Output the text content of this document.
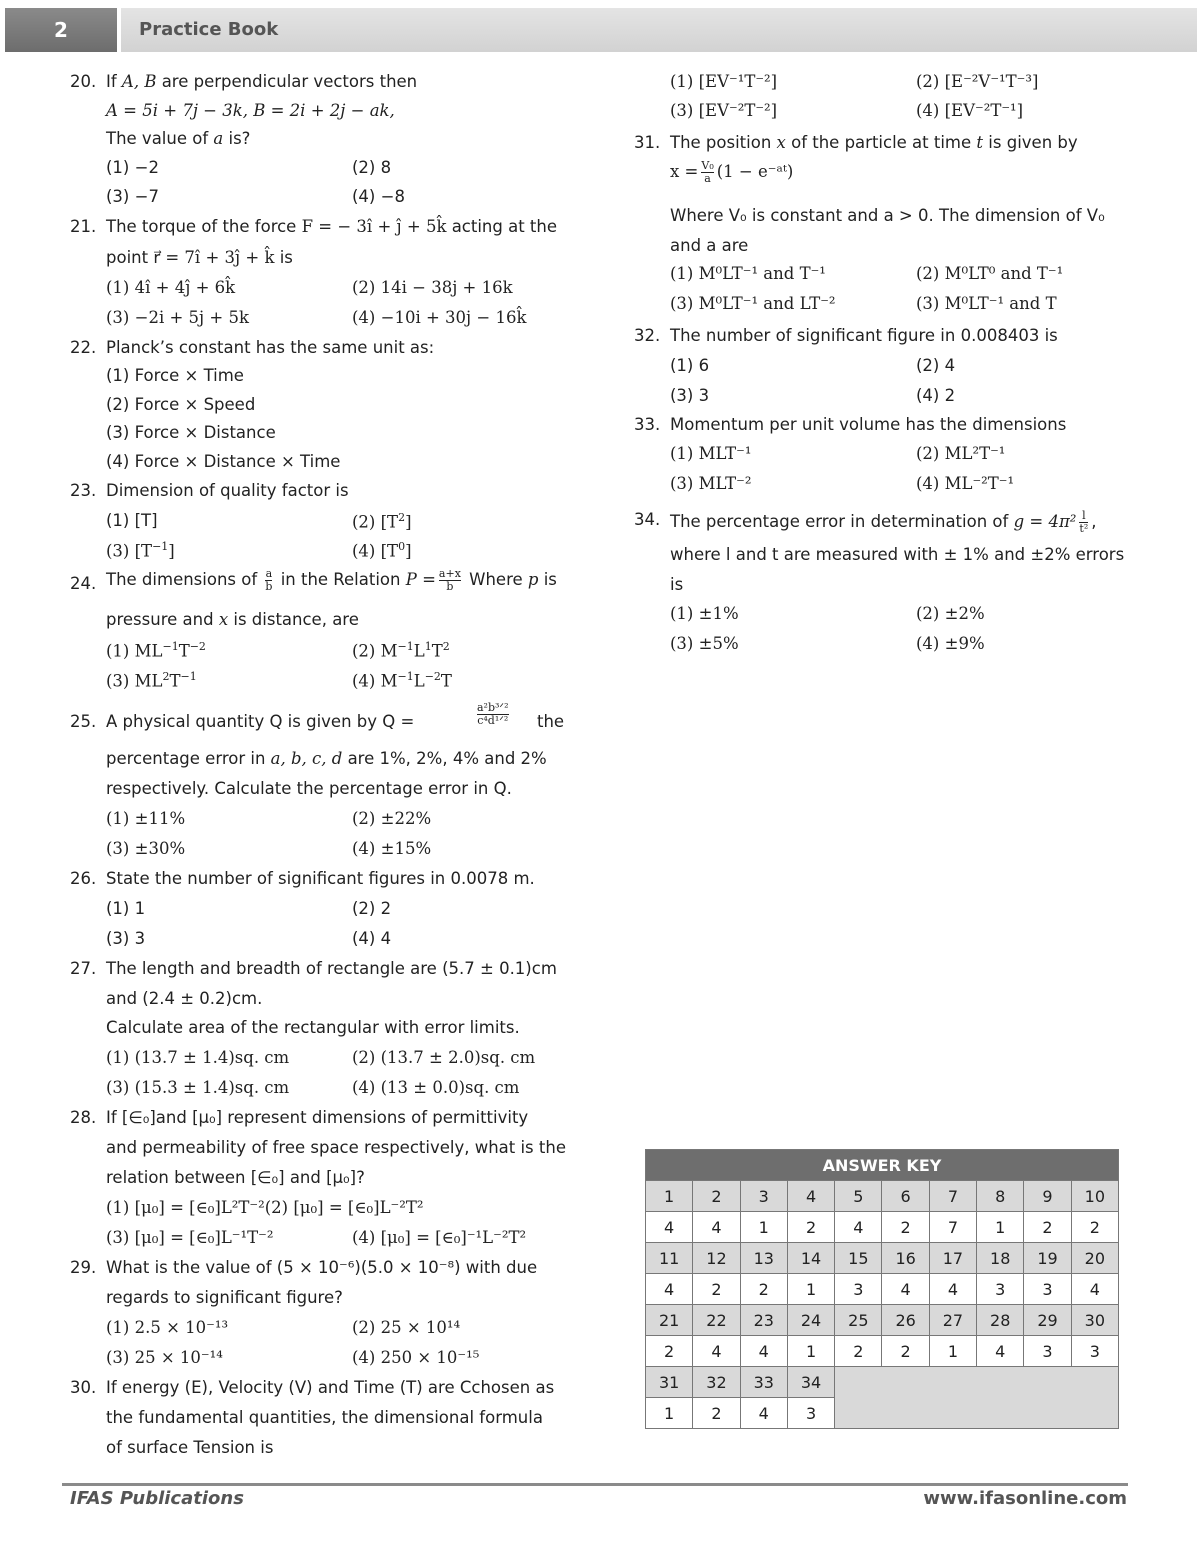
2	Practice Book
20. If A, B are perpendicular vectors then
A = 5i + 7j − 3k, B = 2i + 2j − ak,
The value of a is?
(1) −2	(2) 8
(3) −7	(4) −8
21. The torque of the force F = − 3î + ĵ + 5k̂ acting at the
point r⃗ = 7î + 3ĵ + k̂ is
(1) 4î + 4ĵ + 6k̂	(2) 14i − 38j + 16k
(3) −2i + 5j + 5k	(4) −10i + 30j − 16k̂
22. Planck’s constant has the same unit as:
(1) Force × Time
(2) Force × Speed
(3) Force × Distance
(4) Force × Distance × Time
23. Dimension of quality factor is
(1) [T]	(2) $[T^2]$
(3) $[T^{-1}]$	(4) $[T^0]$
24. The dimensions of $\frac{a}{b}$ in the Relation $P = \frac{a+x}{b}$ Where p is
pressure and x is distance, are
(1) $ML^{-1}T^{-2}$	(2) $M^{-1}L^1T^2$
(3) $ML^2T^{-1}$	(4) $M^{-1}L^{-2}T$
25. A physical quantity Q is given by Q =
a²b³ᐟ²
c⁴d¹ᐟ² the
percentage error in a, b, c, d are 1%, 2%, 4% and 2%
respectively. Calculate the percentage error in Q.
(1) ±11%	(2) ±22%
(3) ±30%	(4) ±15%
26. State the number of significant figures in 0.0078 m.
(1) 1	(2) 2
(3) 3	(4) 4
27. The length and breadth of rectangle are (5.7 ± 0.1)cm
and (2.4 ± 0.2)cm.
Calculate area of the rectangular with error limits.
(1) (13.7 ± 1.4)sq. cm	(2) (13.7 ± 2.0)sq. cm
(3) (15.3 ± 1.4)sq. cm	(4) (13 ± 0.0)sq. cm
28. If [∈₀]and [μ₀] represent dimensions of permittivity
and permeability of free space respectively, what is the
relation between [∈₀] and [μ₀]?
(1) [μ₀] = [∈₀]L²T⁻²(2) [μ₀] = [∈₀]L⁻²T²
(3) [μ₀] = [∈₀]L⁻¹T⁻²	(4) [μ₀] = [∈₀]⁻¹L⁻²T²
29. What is the value of (5 × 10⁻⁶)(5.0 × 10⁻⁸) with due
regards to significant figure?
(1) 2.5 × 10⁻¹³	(2) 25 × 10¹⁴
(3) 25 × 10⁻¹⁴	(4) 250 × 10⁻¹⁵
30. If energy (E), Velocity (V) and Time (T) are Cchosen as
the fundamental quantities, the dimensional formula
of surface Tension is
(1) [EV⁻¹T⁻²]	(2) [E⁻²V⁻¹T⁻³]
(3) [EV⁻²T⁻²]	(4) [EV⁻²T⁻¹]
31. The position x of the particle at time t is given by
$x = \frac{\text{V₀}}{a} (1$ − e⁻ᵃᵗ)
Where V₀ is constant and a > 0. The dimension of V₀
and a are
(1) M⁰LT⁻¹ and T⁻¹	(2) M⁰LT⁰ and T⁻¹
(3) M⁰LT⁻¹ and LT⁻²	(3) M⁰LT⁻¹ and T
32. The number of significant figure in 0.008403 is
(1) 6	(2) 4
(3) 3	(4) 2
33. Momentum per unit volume has the dimensions
(1) MLT⁻¹	(2) ML²T⁻¹
(3) MLT⁻²	(4) ML⁻²T⁻¹
34. The percentage error in determination of $g = 4\pi^2 \frac{l}{\text{t²}}$ ,
where l and t are measured with ± 1% and ±2% errors
is
(1) ±1%	(2) ±2%
(3) ±5%	(4) ±9%
ANSWER KEY									
1	2	3	4	5	6	7	8	9	10
4	4	1	2	4	2	7	1	2	2
11	12	13	14	15	16	17	18	19	20
4	2	2	1	3	4	4	3	3	4
21	22	23	24	25	26	27	28	29	30
2	4	4	1	2	2	1	4	3	3
31	32	33	34						
1	2	4	3						
IFAS Publications	www.ifasonline.com
